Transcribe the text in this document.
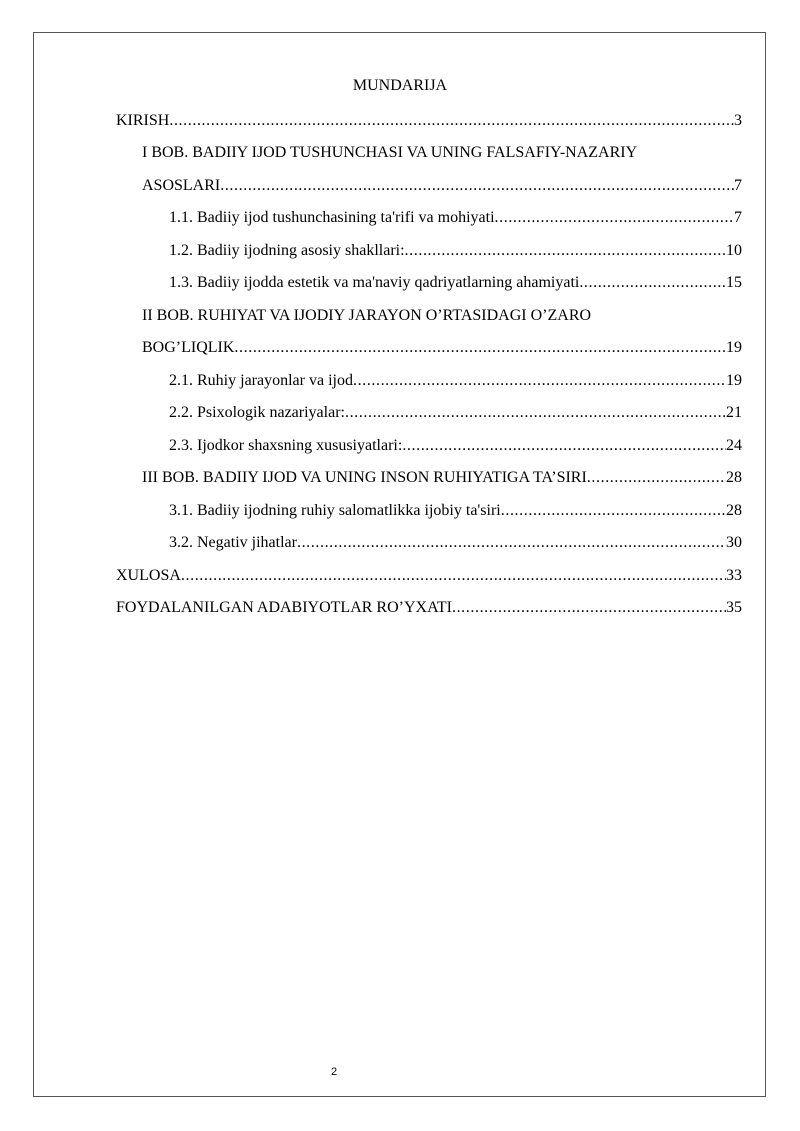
MUNDARIJA
KIRISH .....	3
I BOB. BADIIY IJOD TUSHUNCHASI VA UNING FALSAFIY-NAZARIY
ASOSLARI .....	7
1.1. Badiiy ijod tushunchasining ta'rifi va mohiyati .....	7
1.2. Badiiy ijodning asosiy shakllari: .....	10
1.3. Badiiy ijodda estetik va ma'naviy qadriyatlarning ahamiyati .....	15
II BOB. RUHIYAT VA IJODIY JARAYON O’RTASIDAGI O’ZARO
BOG’LIQLIK .....	19
2.1. Ruhiy jarayonlar va ijod .....	19
2.2. Psixologik nazariyalar: .....	21
2.3. Ijodkor shaxsning xususiyatlari: .....	24
III BOB. BADIIY IJOD VA UNING INSON RUHIYATIGA TA’SIRI .....	28
3.1. Badiiy ijodning ruhiy salomatlikka ijobiy ta'siri .....	28
3.2. Negativ jihatlar .....	30
XULOSA .....	33
FOYDALANILGAN ADABIYOTLAR RO’YXATI .....	35
2
